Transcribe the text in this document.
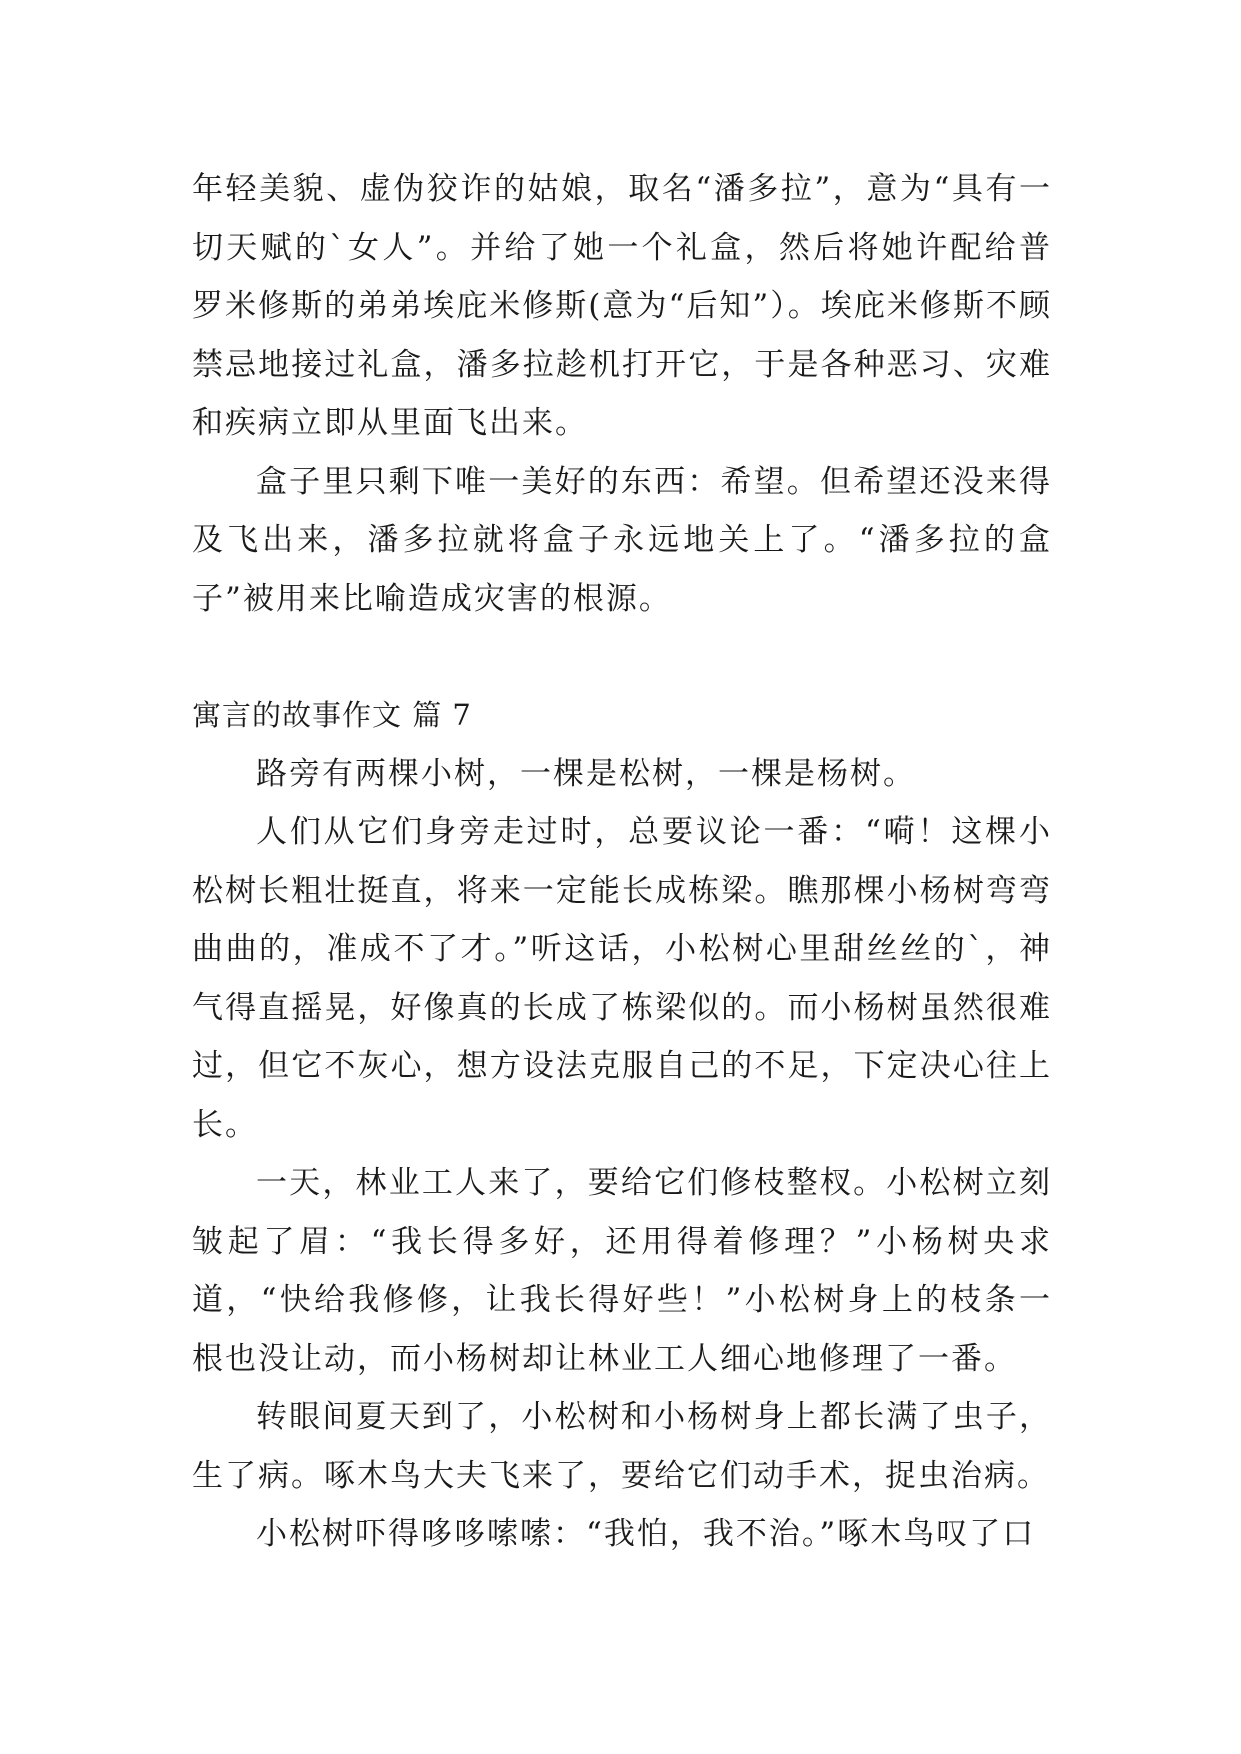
年轻美貌、虚伪狡诈的姑娘，取名“潘多拉”，意为“具有一切天赋的`女人”。并给了她一个礼盒，然后将她许配给普罗米修斯的弟弟埃庇米修斯(意为“后知”）。埃庇米修斯不顾禁忌地接过礼盒，潘多拉趁机打开它，于是各种恶习、灾难和疾病立即从里面飞出来。

盒子里只剩下唯一美好的东西：希望。但希望还没来得及飞出来，潘多拉就将盒子永远地关上了。“潘多拉的盒子”被用来比喻造成灾害的根源。

寓言的故事作文 篇 7

路旁有两棵小树，一棵是松树，一棵是杨树。

人们从它们身旁走过时，总要议论一番：“嗬！这棵小松树长粗壮挺直，将来一定能长成栋梁。瞧那棵小杨树弯弯曲曲的，准成不了才。”听这话，小松树心里甜丝丝的`，神气得直摇晃，好像真的长成了栋梁似的。而小杨树虽然很难过，但它不灰心，想方设法克服自己的不足，下定决心往上长。

一天，林业工人来了，要给它们修枝整杈。小松树立刻皱起了眉：“我长得多好，还用得着修理？”小杨树央求道，“快给我修修，让我长得好些！”小松树身上的枝条一根也没让动，而小杨树却让林业工人细心地修理了一番。

转眼间夏天到了，小松树和小杨树身上都长满了虫子，生了病。啄木鸟大夫飞来了，要给它们动手术，捉虫治病。

小松树吓得哆哆嗦嗦：“我怕，我不治。”啄木鸟叹了口
